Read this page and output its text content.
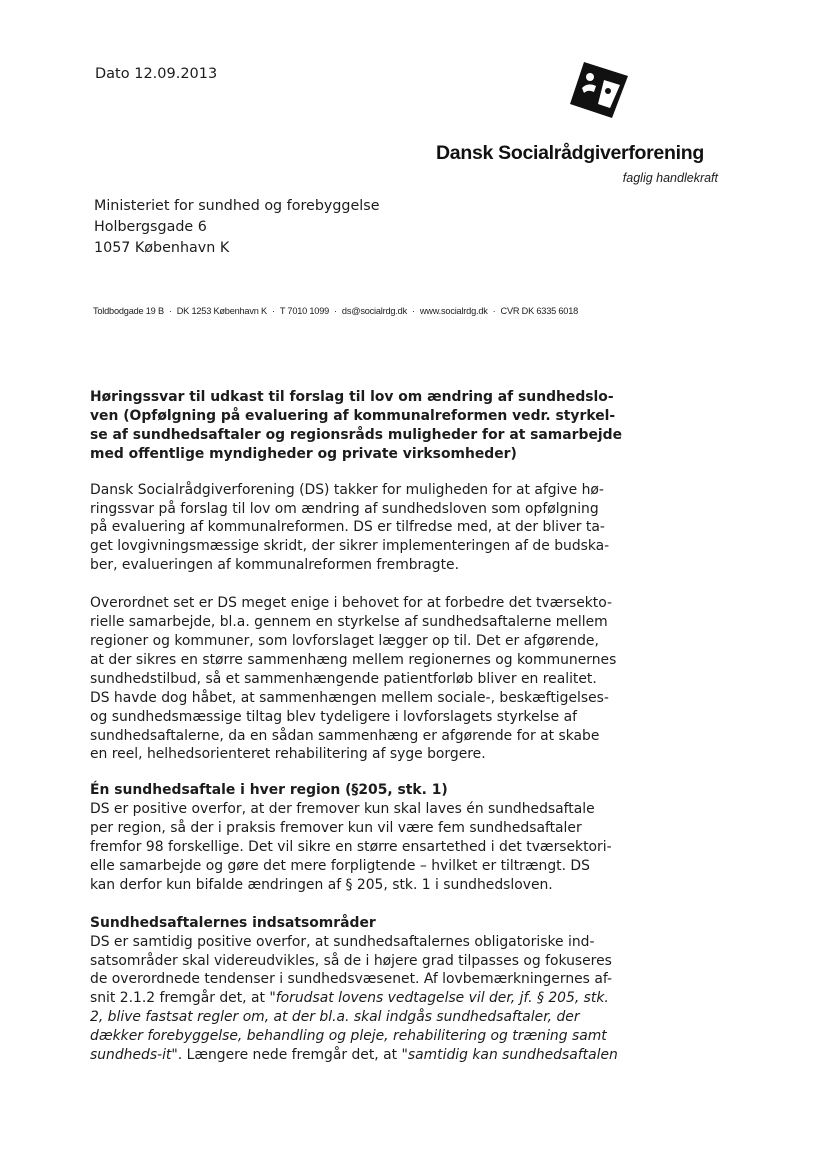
Dato 12.09.2013
Dansk Socialrådgiverforening
faglig handlekraft
Ministeriet for sundhed og forebyggelse
Holbergsgade 6
1057 København K
Toldbodgade 19 B · DK 1253 København K · T 7010 1099 · ds@socialrdg.dk · www.socialrdg.dk · CVR DK 6335 6018
Høringssvar til udkast til forslag til lov om ændring af sundhedslo-
ven (Opfølgning på evaluering af kommunalreformen vedr. styrkel-
se af sundhedsaftaler og regionsråds muligheder for at samarbejde
med offentlige myndigheder og private virksomheder)
Dansk Socialrådgiverforening (DS) takker for muligheden for at afgive hø-
ringssvar på forslag til lov om ændring af sundhedsloven som opfølgning
på evaluering af kommunalreformen. DS er tilfredse med, at der bliver ta-
get lovgivningsmæssige skridt, der sikrer implementeringen af de budska-
ber, evalueringen af kommunalreformen frembragte.
Overordnet set er DS meget enige i behovet for at forbedre det tværsekto-
rielle samarbejde, bl.a. gennem en styrkelse af sundhedsaftalerne mellem
regioner og kommuner, som lovforslaget lægger op til. Det er afgørende,
at der sikres en større sammenhæng mellem regionernes og kommunernes
sundhedstilbud, så et sammenhængende patientforløb bliver en realitet.
DS havde dog håbet, at sammenhængen mellem sociale-, beskæftigelses-
og sundhedsmæssige tiltag blev tydeligere i lovforslagets styrkelse af
sundhedsaftalerne, da en sådan sammenhæng er afgørende for at skabe
en reel, helhedsorienteret rehabilitering af syge borgere.
Én sundhedsaftale i hver region (§205, stk. 1)
DS er positive overfor, at der fremover kun skal laves én sundhedsaftale
per region, så der i praksis fremover kun vil være fem sundhedsaftaler
fremfor 98 forskellige. Det vil sikre en større ensartethed i det tværsektori-
elle samarbejde og gøre det mere forpligtende – hvilket er tiltrængt. DS
kan derfor kun bifalde ændringen af § 205, stk. 1 i sundhedsloven.
Sundhedsaftalernes indsatsområder
DS er samtidig positive overfor, at sundhedsaftalernes obligatoriske ind-
satsområder skal videreudvikles, så de i højere grad tilpasses og fokuseres
de overordnede tendenser i sundhedsvæsenet. Af lovbemærkningernes af-
snit 2.1.2 fremgår det, at "forudsat lovens vedtagelse vil der, jf. § 205, stk.
2, blive fastsat regler om, at der bl.a. skal indgås sundhedsaftaler, der
dækker forebyggelse, behandling og pleje, rehabilitering og træning samt
sundheds-it". Længere nede fremgår det, at "samtidig kan sundhedsaftalen
